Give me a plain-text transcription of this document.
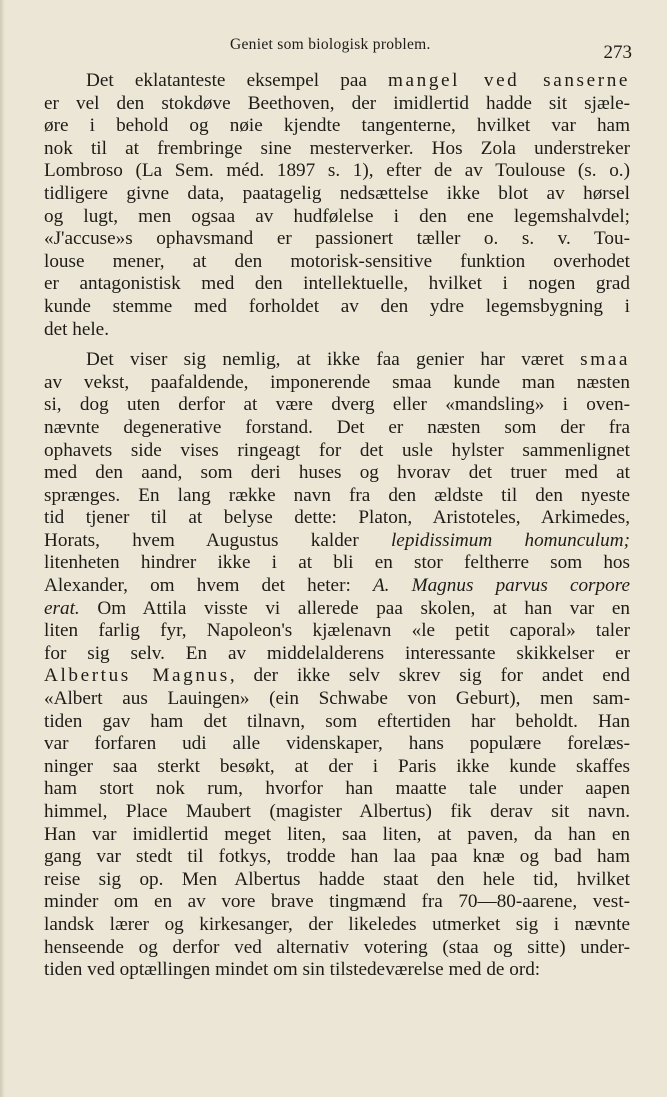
Geniet som biologisk problem.	273
Det eklatanteste eksempel paa mangel ved sanserne
er vel den stokdøve Beethoven, der imidlertid hadde sit sjæle-
øre i behold og nøie kjendte tangenterne, hvilket var ham
nok til at frembringe sine mesterverker. Hos Zola understreker
Lombroso (La Sem. méd. 1897 s. 1), efter de av Toulouse (s. o.)
tidligere givne data, paatagelig nedsættelse ikke blot av hørsel
og lugt, men ogsaa av hudfølelse i den ene legemshalvdel;
«J'accuse»s ophavsmand er passionert tæller o. s. v. Tou-
louse mener, at den motorisk-sensitive funktion overhodet
er antagonistisk med den intellektuelle, hvilket i nogen grad
kunde stemme med forholdet av den ydre legemsbygning i
det hele.
Det viser sig nemlig, at ikke faa genier har været smaa
av vekst, paafaldende, imponerende smaa kunde man næsten
si, dog uten derfor at være dverg eller «mandsling» i oven-
nævnte degenerative forstand. Det er næsten som der fra
ophavets side vises ringeagt for det usle hylster sammenlignet
med den aand, som deri huses og hvorav det truer med at
sprænges. En lang række navn fra den ældste til den nyeste
tid tjener til at belyse dette: Platon, Aristoteles, Arkimedes,
Horats, hvem Augustus kalder lepidissimum homunculum;
litenheten hindrer ikke i at bli en stor feltherre som hos
Alexander, om hvem det heter: A. Magnus parvus corpore
erat. Om Attila visste vi allerede paa skolen, at han var en
liten farlig fyr, Napoleon's kjælenavn «le petit caporal» taler
for sig selv. En av middelalderens interessante skikkelser er
Albertus Magnus, der ikke selv skrev sig for andet end
«Albert aus Lauingen» (ein Schwabe von Geburt), men sam-
tiden gav ham det tilnavn, som eftertiden har beholdt. Han
var forfaren udi alle videnskaper, hans populære forelæs-
ninger saa sterkt besøkt, at der i Paris ikke kunde skaffes
ham stort nok rum, hvorfor han maatte tale under aapen
himmel, Place Maubert (magister Albertus) fik derav sit navn.
Han var imidlertid meget liten, saa liten, at paven, da han en
gang var stedt til fotkys, trodde han laa paa knæ og bad ham
reise sig op. Men Albertus hadde staat den hele tid, hvilket
minder om en av vore brave tingmænd fra 70—80-aarene, vest-
landsk lærer og kirkesanger, der likeledes utmerket sig i nævnte
henseende og derfor ved alternativ votering (staa og sitte) under-
tiden ved optællingen mindet om sin tilstedeværelse med de ord:
